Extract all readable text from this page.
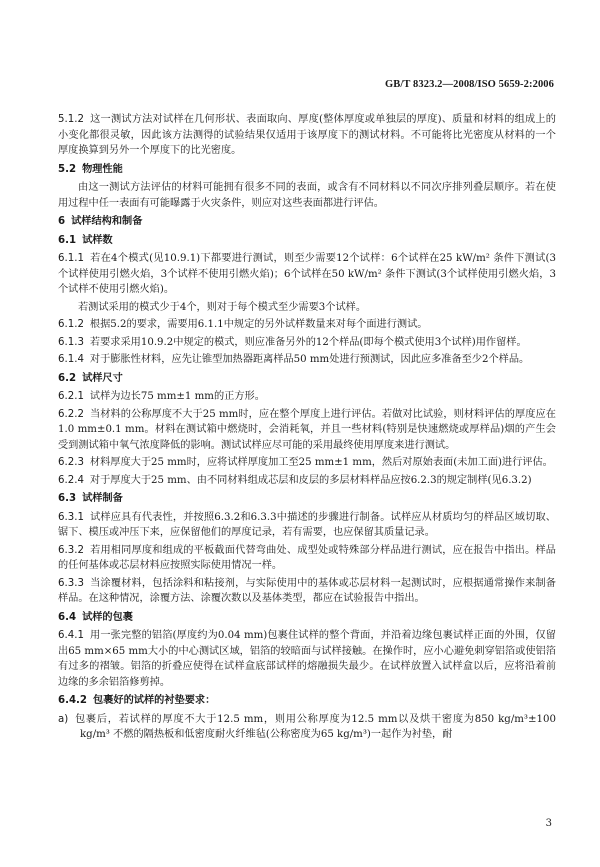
GB/T 8323.2—2008/ISO 5659-2:2006
5.1.2 这一测试方法对试样在几何形状、表面取向、厚度(整体厚度或单独层的厚度)、质量和材料的组成上的小变化都很灵敏，因此该方法测得的试验结果仅适用于该厚度下的测试材料。不可能将比光密度从材料的一个厚度换算到另外一个厚度下的比光密度。
5.2 物理性能
由这一测试方法评估的材料可能拥有很多不同的表面，或含有不同材料以不同次序排列叠层顺序。若在使用过程中任一表面有可能曝露于火灾条件，则应对这些表面都进行评估。
6 试样结构和制备
6.1 试样数
6.1.1 若在4个模式(见10.9.1)下都要进行测试，则至少需要12个试样：6个试样在25 kW/m² 条件下测试(3个试样使用引燃火焰，3个试样不使用引燃火焰)；6个试样在50 kW/m² 条件下测试(3个试样使用引燃火焰，3个试样不使用引燃火焰)。
若测试采用的模式少于4个，则对于每个模式至少需要3个试样。
6.1.2 根据5.2的要求，需要用6.1.1中规定的另外试样数量来对每个面进行测试。
6.1.3 若要求采用10.9.2中规定的模式，则应准备另外的12个样品(即每个模式使用3个试样)用作留样。
6.1.4 对于膨胀性材料，应先让锥型加热器距离样品50 mm处进行预测试，因此应多准备至少2个样品。
6.2 试样尺寸
6.2.1 试样为边长75 mm±1 mm的正方形。
6.2.2 当材料的公称厚度不大于25 mm时，应在整个厚度上进行评估。若做对比试验，则材料评估的厚度应在1.0 mm±0.1 mm。材料在测试箱中燃烧时，会消耗氧，并且一些材料(特别是快速燃烧或厚样品)烟的产生会受到测试箱中氧气浓度降低的影响。测试试样应尽可能的采用最终使用厚度来进行测试。
6.2.3 材料厚度大于25 mm时，应将试样厚度加工至25 mm±1 mm，然后对原始表面(未加工面)进行评估。
6.2.4 对于厚度大于25 mm、由不同材料组成芯层和皮层的多层材料样品应按6.2.3的规定制样(见6.3.2)
6.3 试样制备
6.3.1 试样应具有代表性，并按照6.3.2和6.3.3中描述的步骤进行制备。试样应从材质均匀的样品区域切取、锯下、模压或冲压下来，应保留他们的厚度记录，若有需要，也应保留其质量记录。
6.3.2 若用相同厚度和组成的平板截面代替弯曲处、成型处或特殊部分样品进行测试，应在报告中指出。样品的任何基体或芯层材料应按照实际使用情况一样。
6.3.3 当涂覆材料，包括涂料和粘接剂，与实际使用中的基体或芯层材料一起测试时，应根据通常操作来制备样品。在这种情况，涂覆方法、涂覆次数以及基体类型，都应在试验报告中指出。
6.4 试样的包裹
6.4.1 用一张完整的铝箔(厚度约为0.04 mm)包裹住试样的整个背面，并沿着边缘包裹试样正面的外围，仅留出65 mm×65 mm大小的中心测试区域，铝箔的较暗面与试样接触。在操作时，应小心避免刺穿铝箔或使铝箔有过多的褶皱。铝箔的折叠应使得在试样盒底部试样的熔融损失最少。在试样放置入试样盒以后，应将沿着前边缘的多余铝箔修剪掉。
6.4.2 包裹好的试样的衬垫要求：
a) 包裹后，若试样的厚度不大于12.5 mm，则用公称厚度为12.5 mm以及烘干密度为850 kg/m³±100 kg/m³ 不燃的隔热板和低密度耐火纤维毡(公称密度为65 kg/m³)一起作为衬垫，耐
3
